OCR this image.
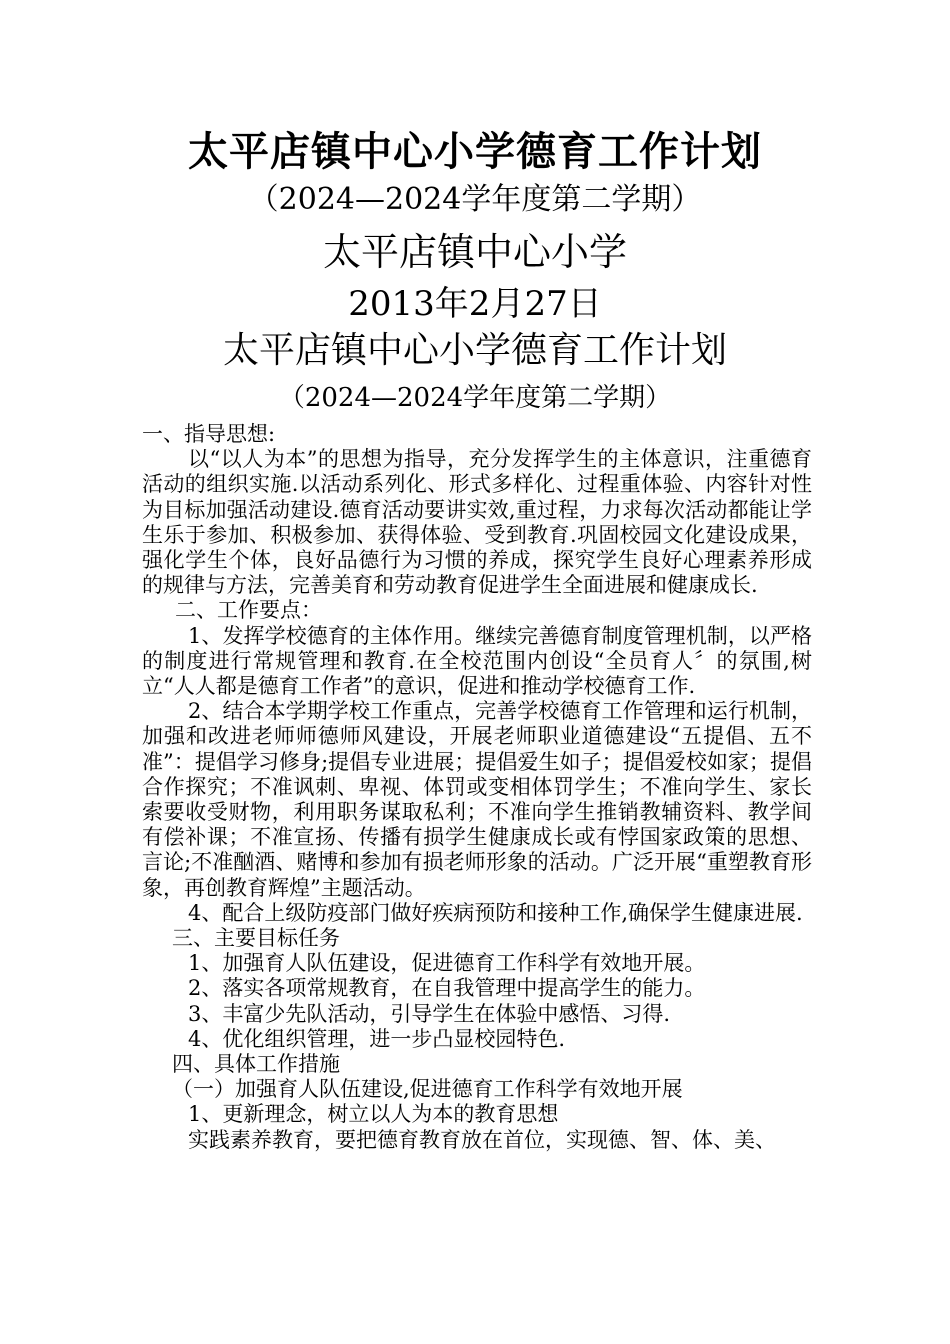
太平店镇中心小学德育工作计划
（2024—2024学年度第二学期）
太平店镇中心小学
2013年2月27日
太平店镇中心小学德育工作计划
（2024—2024学年度第二学期）

一、指导思想:

以“以人为本”的思想为指导，充分发挥学生的主体意识，注重德育活动的组织实施.以活动系列化、形式多样化、过程重体验、内容针对性为目标加强活动建设.德育活动要讲实效,重过程，力求每次活动都能让学生乐于参加、积极参加、获得体验、受到教育.巩固校园文化建设成果，强化学生个体，良好品德行为习惯的养成，探究学生良好心理素养形成的规律与方法，完善美育和劳动教育促进学生全面进展和健康成长.

二、工作要点：

1、发挥学校德育的主体作用。继续完善德育制度管理机制，以严格的制度进行常规管理和教育.在全校范围内创设“全员育人〞的氛围,树立“人人都是德育工作者”的意识，促进和推动学校德育工作.

2、结合本学期学校工作重点，完善学校德育工作管理和运行机制，加强和改进老师师德师风建设，开展老师职业道德建设“五提倡、五不准”：提倡学习修身;提倡专业进展；提倡爱生如子；提倡爱校如家；提倡合作探究；不准讽刺、卑视、体罚或变相体罚学生；不准向学生、家长索要收受财物，利用职务谋取私利；不准向学生推销教辅资料、教学间有偿补课；不准宣扬、传播有损学生健康成长或有悖国家政策的思想、言论;不准酗酒、赌博和参加有损老师形象的活动。广泛开展“重塑教育形象，再创教育辉煌”主题活动。

4、配合上级防疫部门做好疾病预防和接种工作,确保学生健康进展.

三、主要目标任务

1、加强育人队伍建设，促进德育工作科学有效地开展。

2、落实各项常规教育，在自我管理中提高学生的能力。

3、丰富少先队活动，引导学生在体验中感悟、习得.

4、优化组织管理，进一步凸显校园特色.

四、具体工作措施

（一）加强育人队伍建设,促进德育工作科学有效地开展

1、更新理念，树立以人为本的教育思想

实践素养教育，要把德育教育放在首位，实现德、智、体、美、
